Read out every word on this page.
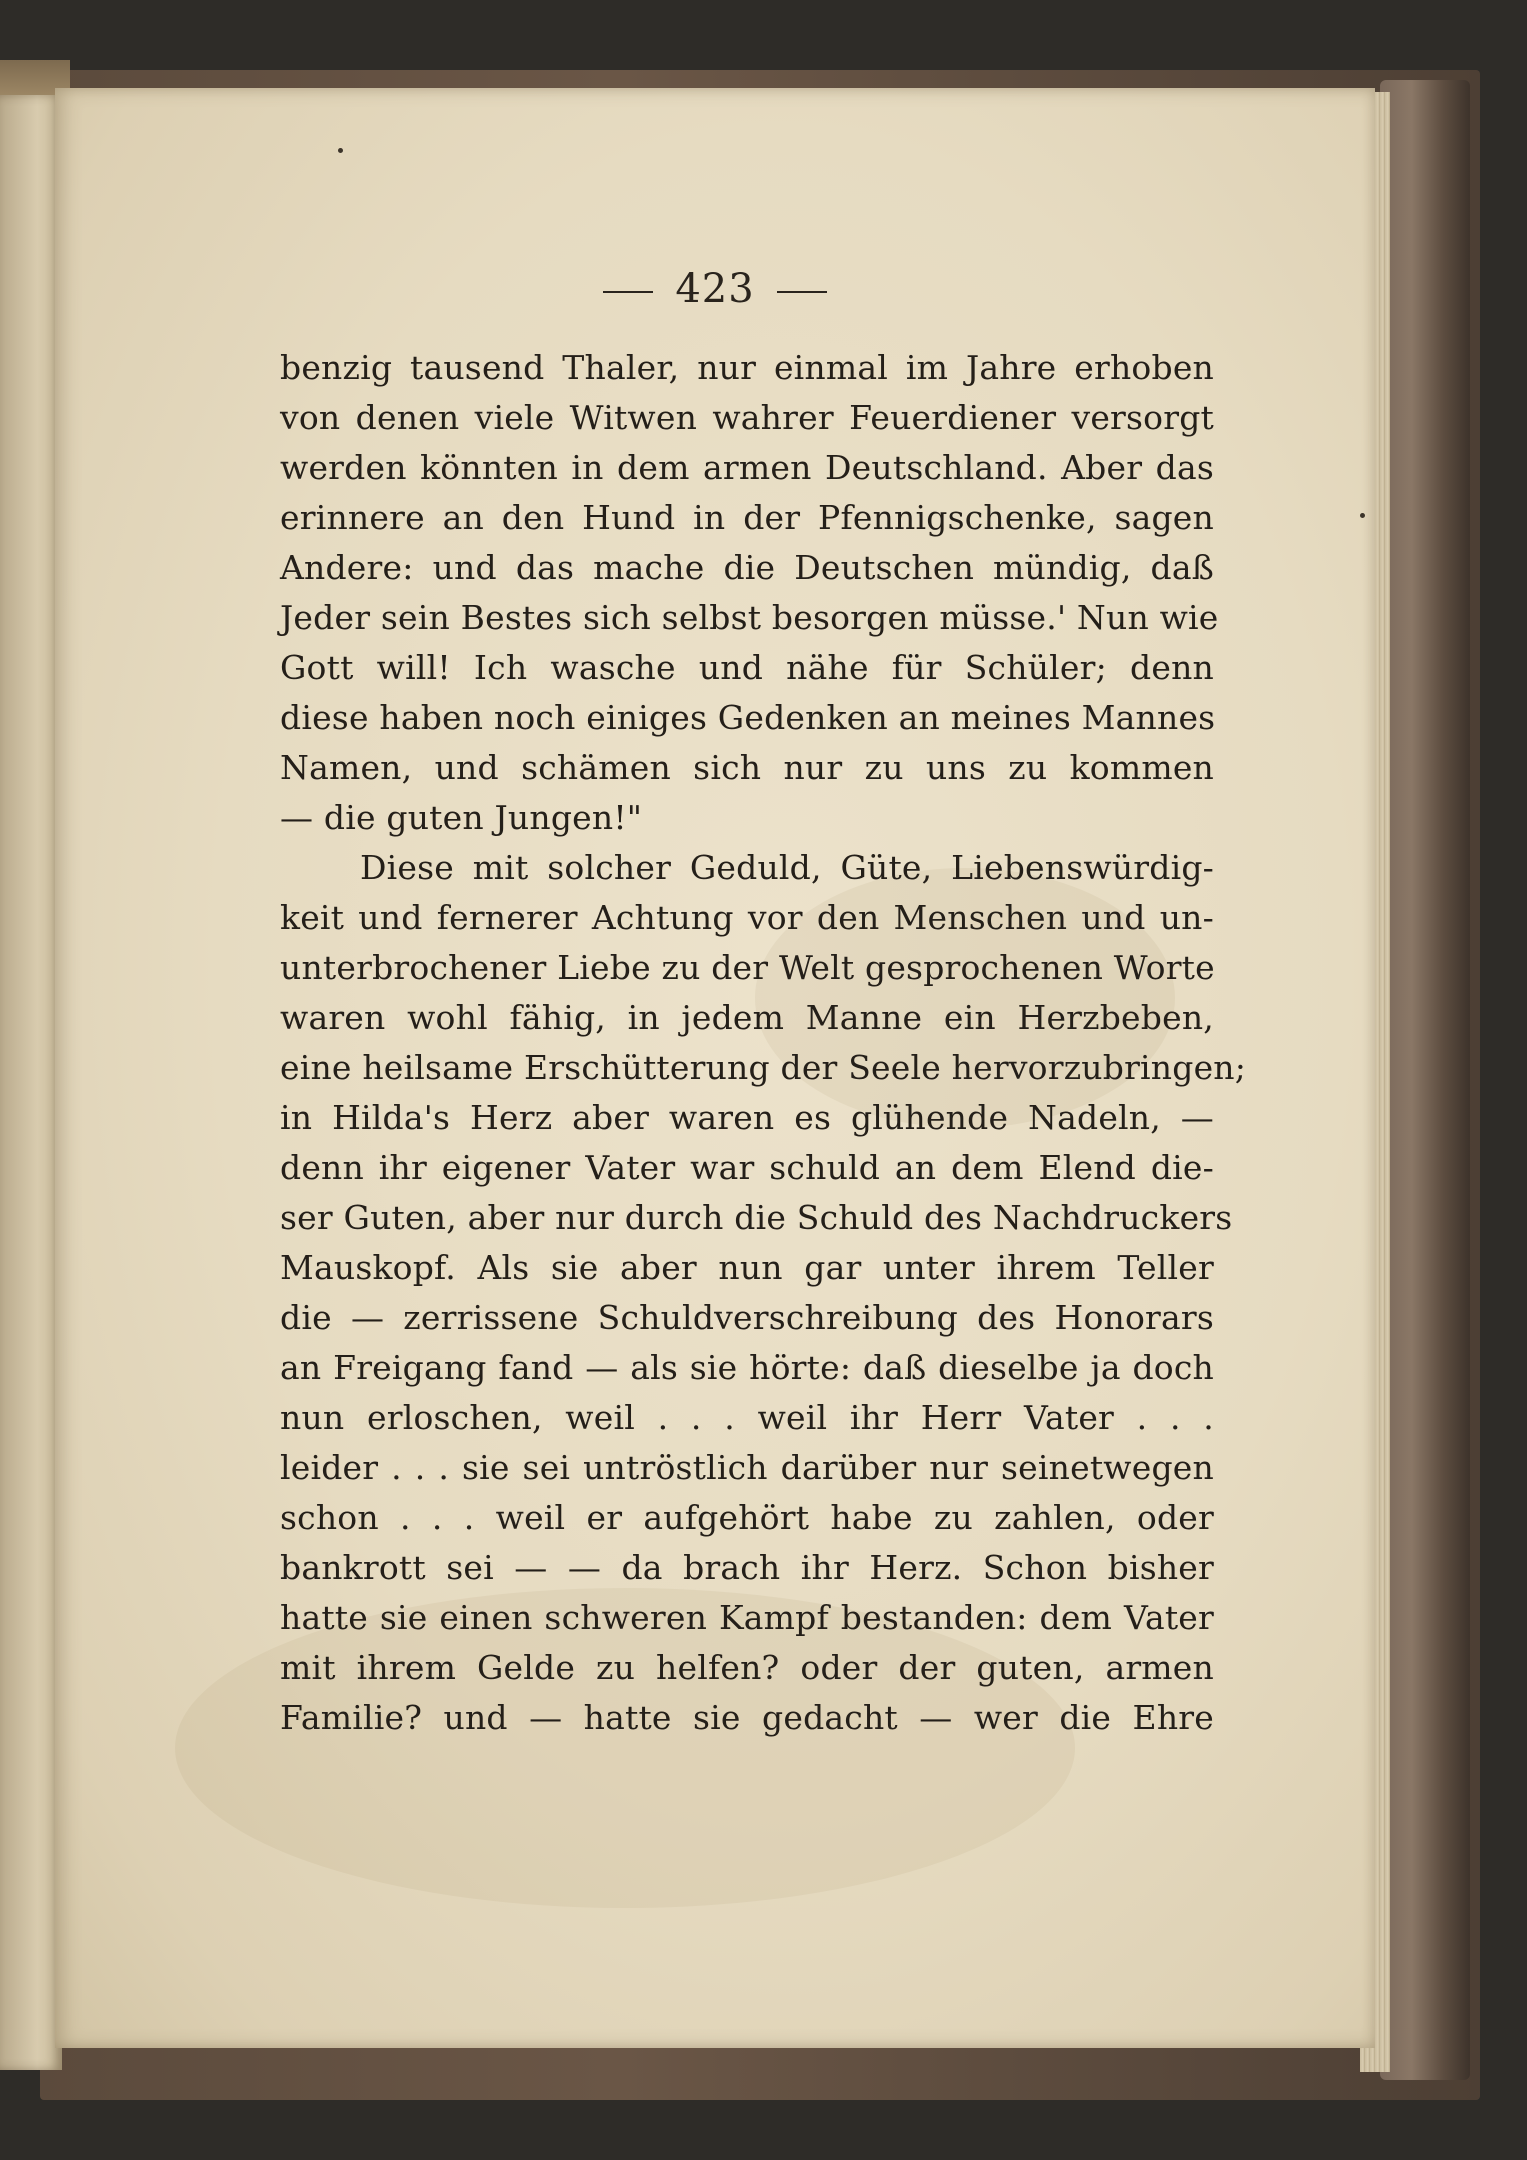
423
benzig tausend Thaler, nur einmal im Jahre erhoben
von denen viele Witwen wahrer Feuerdiener versorgt
werden könnten in dem armen Deutschland. Aber das
erinnere an den Hund in der Pfennigschenke, sagen
Andere: und das mache die Deutschen mündig, daß
Jeder sein Bestes sich selbst besorgen müsse.' Nun wie
Gott will! Ich wasche und nähe für Schüler; denn
diese haben noch einiges Gedenken an meines Mannes
Namen, und schämen sich nur zu uns zu kommen
— die guten Jungen!"
Diese mit solcher Geduld, Güte, Liebenswürdig-
keit und fernerer Achtung vor den Menschen und un-
unterbrochener Liebe zu der Welt gesprochenen Worte
waren wohl fähig, in jedem Manne ein Herzbeben,
eine heilsame Erschütterung der Seele hervorzubringen;
in Hilda's Herz aber waren es glühende Nadeln, —
denn ihr eigener Vater war schuld an dem Elend die-
ser Guten, aber nur durch die Schuld des Nachdruckers
Mauskopf. Als sie aber nun gar unter ihrem Teller
die — zerrissene Schuldverschreibung des Honorars
an Freigang fand — als sie hörte: daß dieselbe ja doch
nun erloschen, weil . . . weil ihr Herr Vater . . .
leider . . . sie sei untröstlich darüber nur seinetwegen
schon . . . weil er aufgehört habe zu zahlen, oder
bankrott sei — — da brach ihr Herz. Schon bisher
hatte sie einen schweren Kampf bestanden: dem Vater
mit ihrem Gelde zu helfen? oder der guten, armen
Familie? und — hatte sie gedacht — wer die Ehre
